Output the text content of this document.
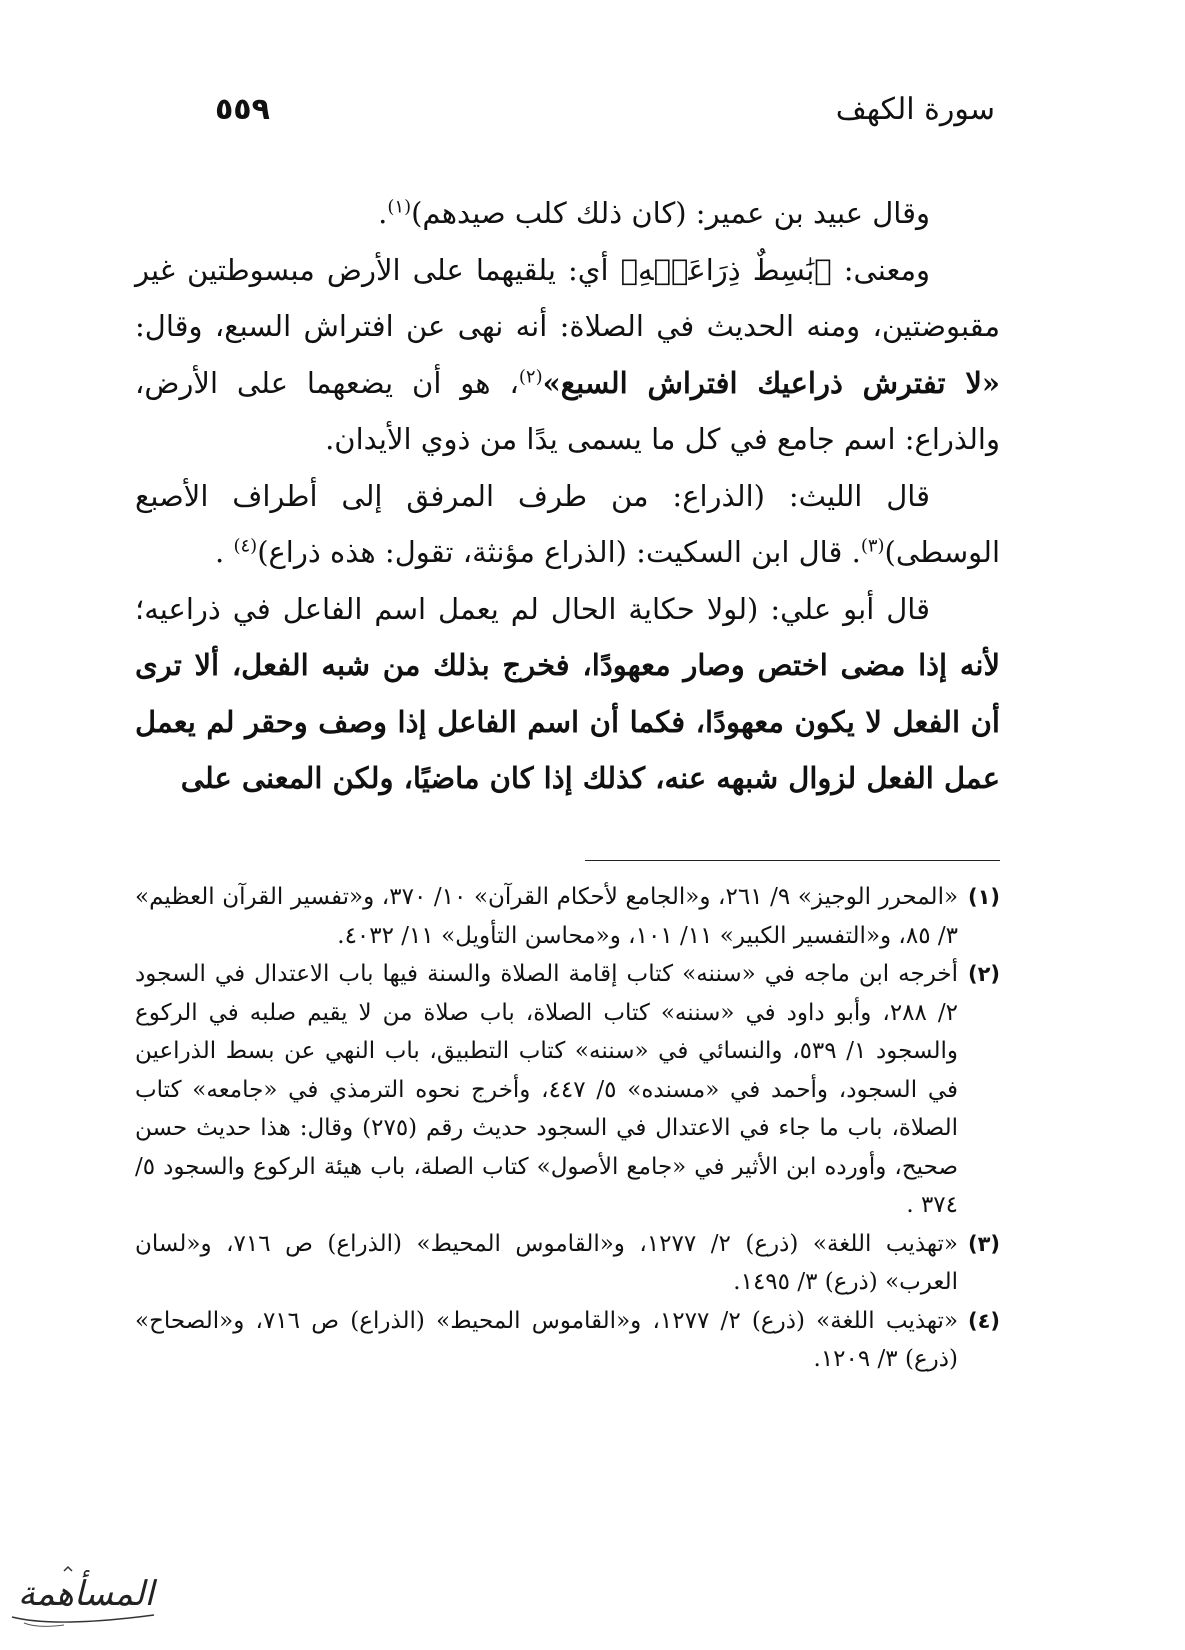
سورة الكهف
٥٥٩

وقال عبيد بن عمير: (كان ذلك كلب صيدهم)$^{(١)}$.

ومعنى: ﴿بَٰسِطٌ ذِرَاعَيۡهِ﴾ أي: يلقيهما على الأرض مبسوطتين غير مقبوضتين، ومنه الحديث في الصلاة: أنه نهى عن افتراش السبع، وقال: «لا تفترش ذراعيك افتراش السبع»$^{(٢)}$، هو أن يضعهما على الأرض، والذراع: اسم جامع في كل ما يسمى يدًا من ذوي الأيدان.

قال الليث: (الذراع: من طرف المرفق إلى أطراف الأصبع الوسطى)$^{(٣)}$. قال ابن السكيت: (الذراع مؤنثة، تقول: هذه ذراع)$^{(٤)}$ .

قال أبو علي: (لولا حكاية الحال لم يعمل اسم الفاعل في ذراعيه؛ لأنه إذا مضى اختص وصار معهودًا، فخرج بذلك من شبه الفعل، ألا ترى أن الفعل لا يكون معهودًا، فكما أن اسم الفاعل إذا وصف وحقر لم يعمل عمل الفعل لزوال شبهه عنه، كذلك إذا كان ماضيًا، ولكن المعنى على

(١)
«المحرر الوجيز» ٩/ ٢٦١، و«الجامع لأحكام القرآن» ١٠/ ٣٧٠، و«تفسير القرآن العظيم» ٣/ ٨٥، و«التفسير الكبير» ١١/ ١٠١، و«محاسن التأويل» ١١/ ٤٠٣٢.
(٢)
أخرجه ابن ماجه في «سننه» كتاب إقامة الصلاة والسنة فيها باب الاعتدال في السجود ٢/ ٢٨٨، وأبو داود في «سننه» كتاب الصلاة، باب صلاة من لا يقيم صلبه في الركوع والسجود ١/ ٥٣٩، والنسائي في «سننه» كتاب التطبيق، باب النهي عن بسط الذراعين في السجود، وأحمد في «مسنده» ٥/ ٤٤٧، وأخرج نحوه الترمذي في «جامعه» كتاب الصلاة، باب ما جاء في الاعتدال في السجود حديث رقم (٢٧٥) وقال: هذا حديث حسن صحيح، وأورده ابن الأثير في «جامع الأصول» كتاب الصلة، باب هيئة الركوع والسجود ٥/ ٣٧٤ .
(٣)
«تهذيب اللغة» (ذرع) ٢/ ١٢٧٧، و«القاموس المحيط» (الذراع) ص ٧١٦، و«لسان العرب» (ذرع) ٣/ ١٤٩٥.
(٤)
«تهذيب اللغة» (ذرع) ٢/ ١٢٧٧، و«القاموس المحيط» (الذراع) ص ٧١٦، و«الصحاح» (ذرع) ٣/ ١٢٠٩.
المسأهمة
